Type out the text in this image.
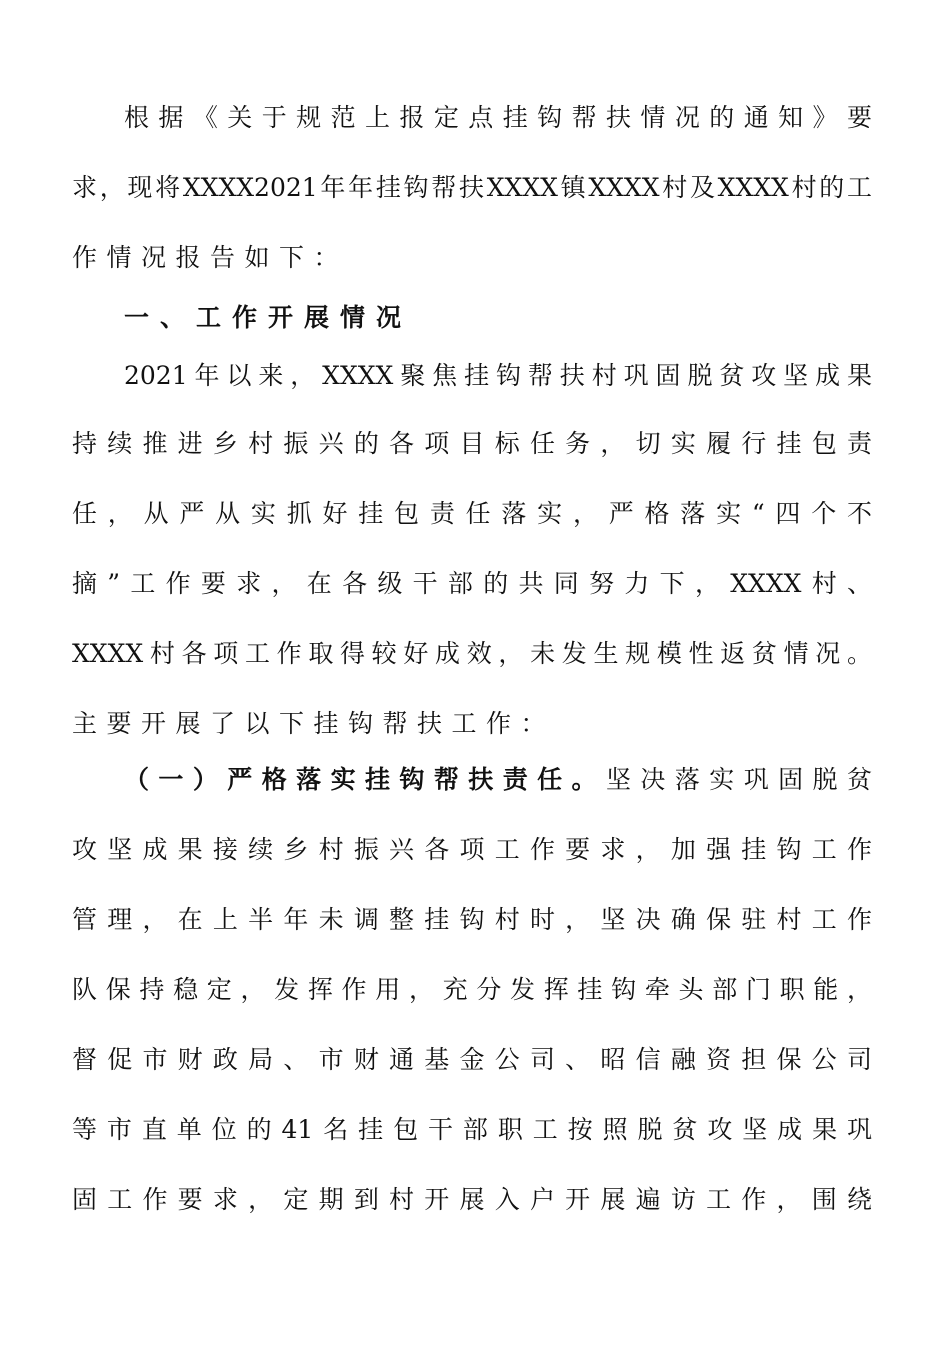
根据《关于规范上报定点挂钩帮扶情况的通知》要
求，现将XXXX2021年年挂钩帮扶XXXX镇XXXX村及XXXX村的工
作情况报告如下：
一、工作开展情况
2021年以来，XXXX聚焦挂钩帮扶村巩固脱贫攻坚成果
持续推进乡村振兴的各项目标任务，切实履行挂包责
任，从严从实抓好挂包责任落实，严格落实“四个不
摘”工作要求，在各级干部的共同努力下，XXXX村、
XXXX村各项工作取得较好成效，未发生规模性返贫情况。
主要开展了以下挂钩帮扶工作：
（一）严格落实挂钩帮扶责任。坚决落实巩固脱贫
攻坚成果接续乡村振兴各项工作要求，加强挂钩工作
管理，在上半年未调整挂钩村时，坚决确保驻村工作
队保持稳定，发挥作用，充分发挥挂钩牵头部门职能，
督促市财政局、市财通基金公司、昭信融资担保公司
等市直单位的41名挂包干部职工按照脱贫攻坚成果巩
固工作要求，定期到村开展入户开展遍访工作，围绕
